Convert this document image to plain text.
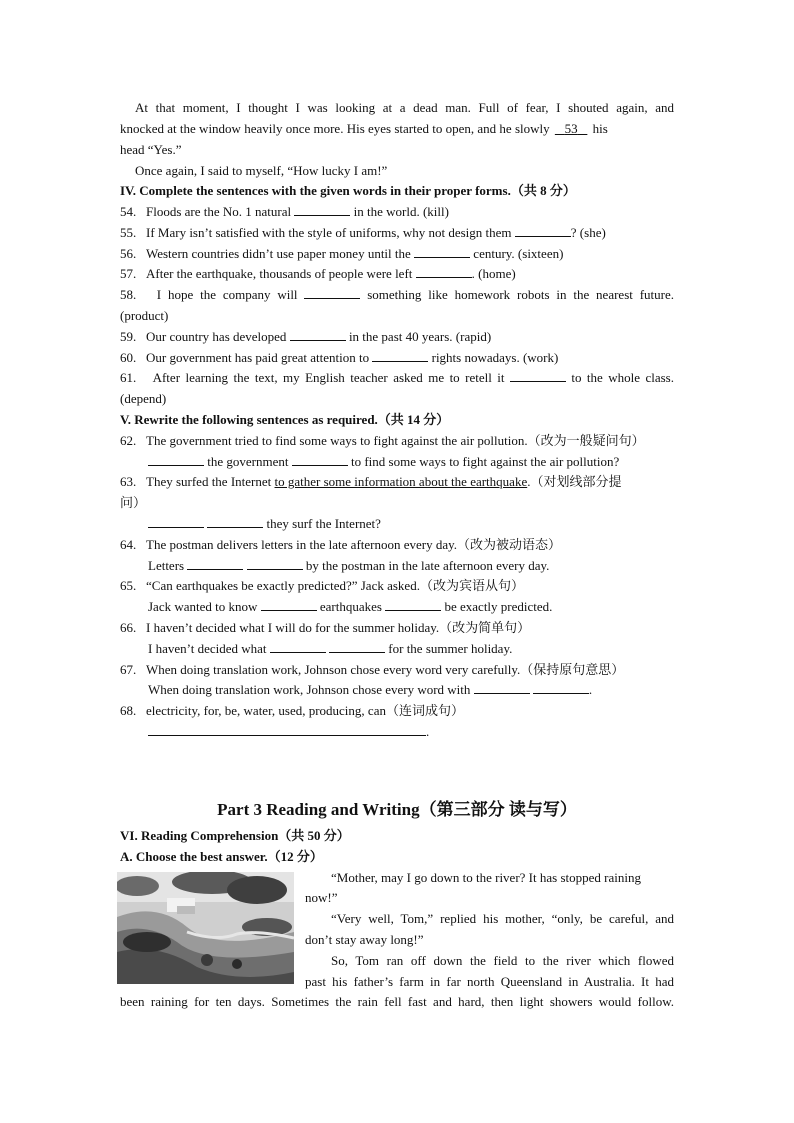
At that moment, I thought I was looking at a dead man. Full of fear, I shouted again, and
knocked at the window heavily once more. His eyes started to open, and he slowly    53    his
head “Yes.”
Once again, I said to myself, “How lucky I am!”
IV. Complete the sentences with the given words in their proper forms.（共 8 分）
54. Floods are the No. 1 natural	in the world. (kill)
55. If Mary isn’t satisfied with the style of uniforms, why not design them	? (she)
56. Western countries didn’t use paper money until the	century. (sixteen)
57. After the earthquake, thousands of people were left	. (home)
58. I hope the company will	something like homework robots in the nearest future.
(product)
59. Our country has developed	in the past 40 years. (rapid)
60. Our government has paid great attention to	rights nowadays. (work)
61. After learning the text, my English teacher asked me to retell it	to the whole class.
(depend)
V. Rewrite the following sentences as required.（共 14 分）
62. The government tried to find some ways to fight against the air pollution.（改为一般疑问句）
the government	to find some ways to fight against the air pollution?
63. They surfed the Internet to gather some information about the earthquake.（对划线部分提
问）
they surf the Internet?
64. The postman delivers letters in the late afternoon every day.（改为被动语态）
Letters	by the postman in the late afternoon every day.
65. “Can earthquakes be exactly predicted?” Jack asked.（改为宾语从句）
Jack wanted to know	earthquakes	be exactly predicted.
66. I haven’t decided what I will do for the summer holiday.（改为简单句）
I haven’t decided what	for the summer holiday.
67. When doing translation work, Johnson chose every word very carefully.（保持原句意思）
When doing translation work, Johnson chose every word with	.
68. electricity, for, be, water, used, producing, can（连词成句）
.
Part 3 Reading and Writing（第三部分 读与写）
VI. Reading Comprehension（共 50 分）
A. Choose the best answer.（12 分）
“Mother, may I go down to the river? It has stopped raining
now!”
“Very well, Tom,” replied his mother, “only, be careful, and
don’t stay away long!”
So, Tom ran off down the field to the river which flowed
past his father’s farm in far north Queensland in Australia. It had
been raining for ten days. Sometimes the rain fell fast and hard, then light showers would follow.
